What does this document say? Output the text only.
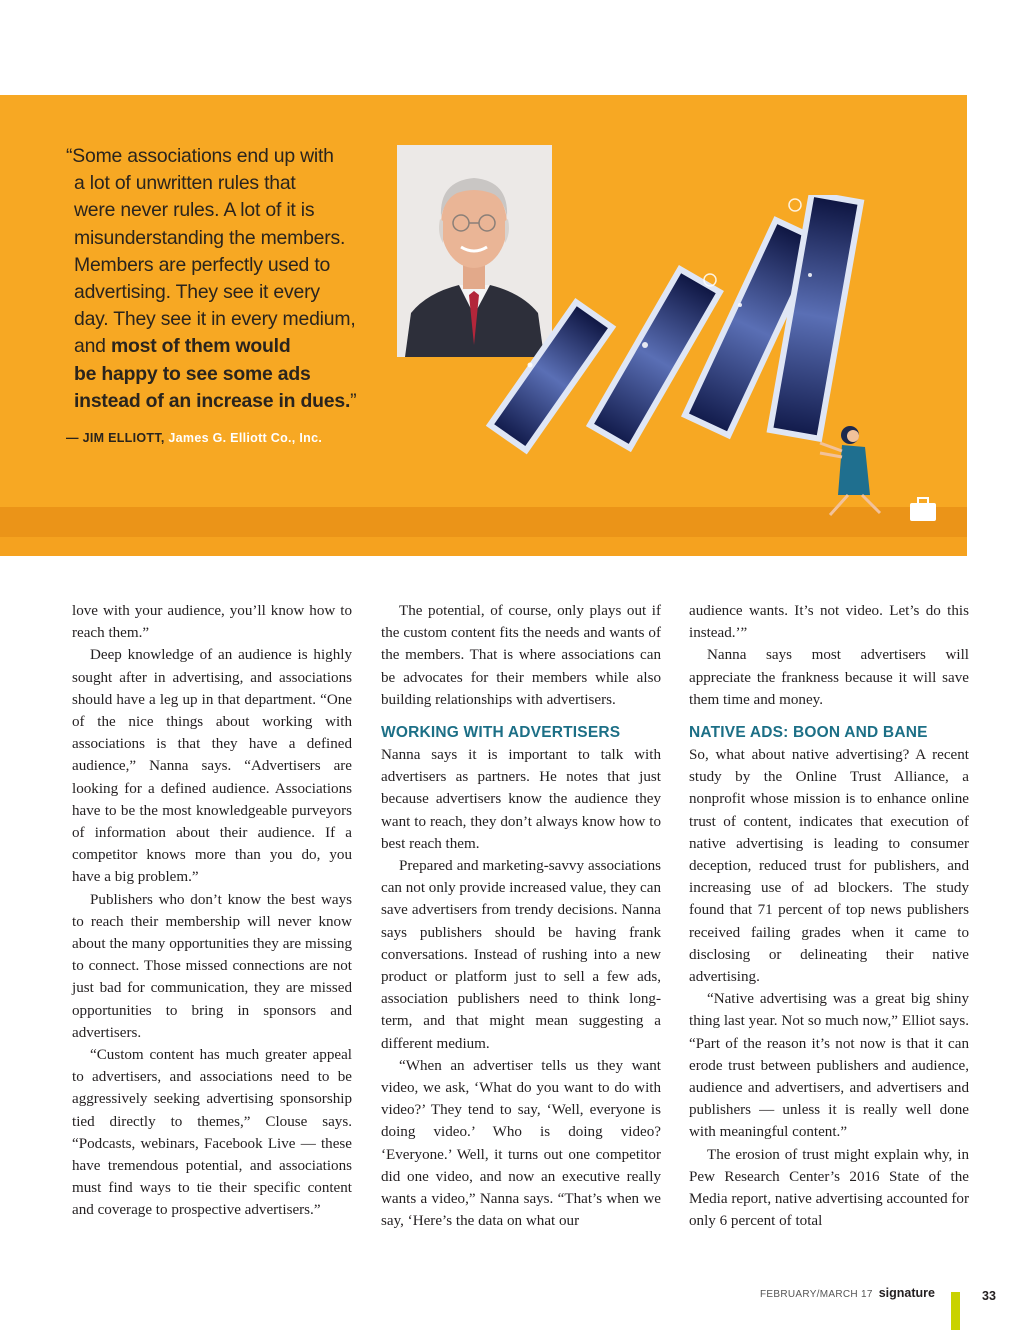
“Some associations end up with
a lot of unwritten rules that
were never rules. A lot of it is
misunderstanding the members.
Members are perfectly used to
advertising. They see it every
day. They see it in every medium,
and most of them would
be happy to see some ads
instead of an increase in dues.”
— JIM ELLIOTT, James G. Elliott Co., Inc.

love with your audience, you’ll know how to reach them.”

Deep knowledge of an audience is highly sought after in advertising, and associations should have a leg up in that department. “One of the nice things about working with associations is that they have a defined audience,” Nanna says. “Advertisers are looking for a defined audience. Associations have to be the most knowledgeable purveyors of information about their audience. If a competitor knows more than you do, you have a big problem.”

Publishers who don’t know the best ways to reach their membership will never know about the many opportunities they are missing to connect. Those missed connections are not just bad for communication, they are missed opportunities to bring in sponsors and advertisers.

“Custom content has much greater appeal to advertisers, and associations need to be aggressively seeking advertising sponsorship tied directly to themes,” Clouse says. “Podcasts, webinars, Facebook Live — these have tremendous potential, and associations must find ways to tie their specific content and coverage to prospective advertisers.”

The potential, of course, only plays out if the custom content fits the needs and wants of the members. That is where associations can be advocates for their members while also building relationships with advertisers.

WORKING WITH ADVERTISERS

Nanna says it is important to talk with advertisers as partners. He notes that just because advertisers know the audience they want to reach, they don’t always know how to best reach them.

Prepared and marketing-savvy associations can not only provide increased value, they can save advertisers from trendy decisions. Nanna says publishers should be having frank conversations. Instead of rushing into a new product or platform just to sell a few ads, association publishers need to think long-term, and that might mean suggesting a different medium.

“When an advertiser tells us they want video, we ask, ‘What do you want to do with video?’ They tend to say, ‘Well, everyone is doing video.’ Who is doing video? ‘Everyone.’ Well, it turns out one competitor did one video, and now an executive really wants a video,” Nanna says. “That’s when we say, ‘Here’s the data on what our

audience wants. It’s not video. Let’s do this instead.’”

Nanna says most advertisers will appreciate the frankness because it will save them time and money.

NATIVE ADS: BOON AND BANE

So, what about native advertising? A recent study by the Online Trust Alliance, a nonprofit whose mission is to enhance online trust of content, indicates that execution of native advertising is leading to consumer deception, reduced trust for publishers, and increasing use of ad blockers. The study found that 71 percent of top news publishers received failing grades when it came to disclosing or delineating their native advertising.

“Native advertising was a great big shiny thing last year. Not so much now,” Elliot says. “Part of the reason it’s not now is that it can erode trust between publishers and audience, audience and advertisers, and advertisers and publishers — unless it is really well done with meaningful content.”

The erosion of trust might explain why, in Pew Research Center’s 2016 State of the Media report, native advertising accounted for only 6 percent of total

FEBRUARY/MARCH 17 signature	33
